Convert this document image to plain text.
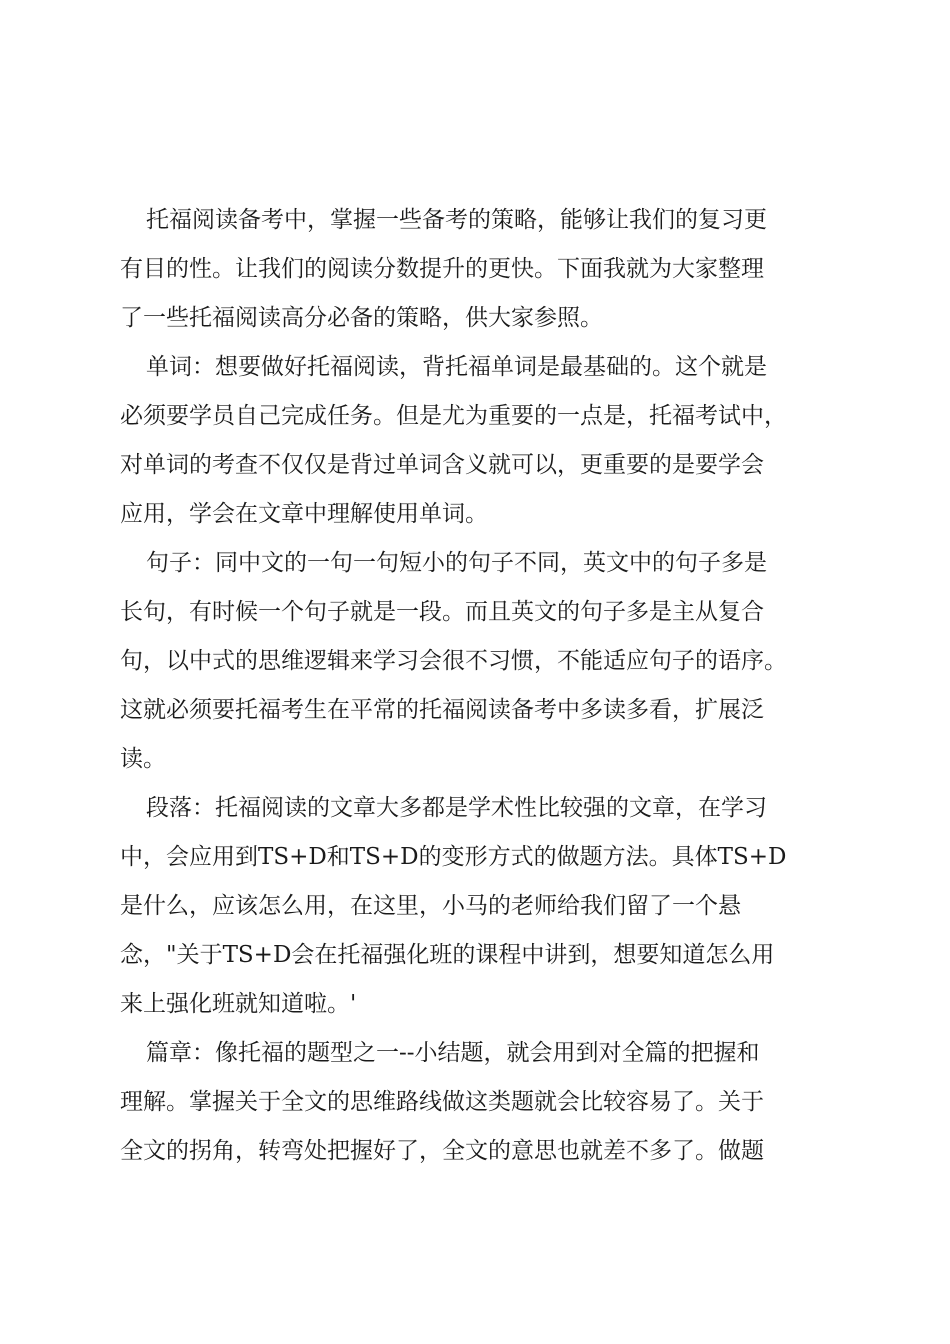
托福阅读备考中，掌握一些备考的策略，能够让我们的复习更
有目的性。让我们的阅读分数提升的更快。下面我就为大家整理
了一些托福阅读高分必备的策略，供大家参照。
单词：想要做好托福阅读，背托福单词是最基础的。这个就是
必须要学员自己完成任务。但是尤为重要的一点是，托福考试中，
对单词的考查不仅仅是背过单词含义就可以，更重要的是要学会
应用，学会在文章中理解使用单词。
句子：同中文的一句一句短小的句子不同，英文中的句子多是
长句，有时候一个句子就是一段。而且英文的句子多是主从复合
句，以中式的思维逻辑来学习会很不习惯，不能适应句子的语序。
这就必须要托福考生在平常的托福阅读备考中多读多看，扩展泛
读。
段落：托福阅读的文章大多都是学术性比较强的文章，在学习
中，会应用到TS+D和TS+D的变形方式的做题方法。具体TS+D
是什么，应该怎么用，在这里，小马的老师给我们留了一个悬
念，"关于TS+D会在托福强化班的课程中讲到，想要知道怎么用
来上强化班就知道啦。'
篇章：像托福的题型之一--小结题，就会用到对全篇的把握和
理解。掌握关于全文的思维路线做这类题就会比较容易了。关于
全文的拐角，转弯处把握好了，全文的意思也就差不多了。做题
